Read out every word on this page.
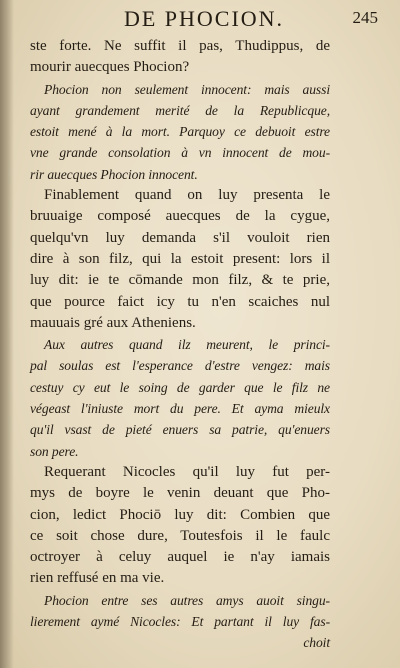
DE PHOCION.	245
ste forte. Ne suffit il pas, Thudippus, de
mourir auecques Phocion?
Phocion non seulement innocent: mais aussi
ayant grandement merité de la Republicque,
estoit mené à la mort. Parquoy ce debuoit estre
vne grande consolation à vn innocent de mou-
rir auecques Phocion innocent.
Finablement quand on luy presenta le
bruuaige composé auecques de la cygue,
quelqu'vn luy demanda s'il vouloit rien
dire à son filz, qui la estoit present: lors il
luy dit: ie te cōmande mon filz, & te prie,
que pource faict icy tu n'en scaiches nul
mauuais gré aux Atheniens.
Aux autres quand ilz meurent, le princi-
pal soulas est l'esperance d'estre vengez: mais
cestuy cy eut le soing de garder que le filz ne
végeast l'iniuste mort du pere. Et ayma mieulx
qu'il vsast de pieté enuers sa patrie, qu'enuers
son pere.
Requerant Nicocles qu'il luy fut per-
mys de boyre le venin deuant que Pho-
cion, ledict Phociō luy dit: Combien que
ce soit chose dure, Toutesfois il le faulc
octroyer à celuy auquel ie n'ay iamais
rien reffusé en ma vie.
Phocion entre ses autres amys auoit singu-
lierement aymé Nicocles: Et partant il luy fas-
choit
